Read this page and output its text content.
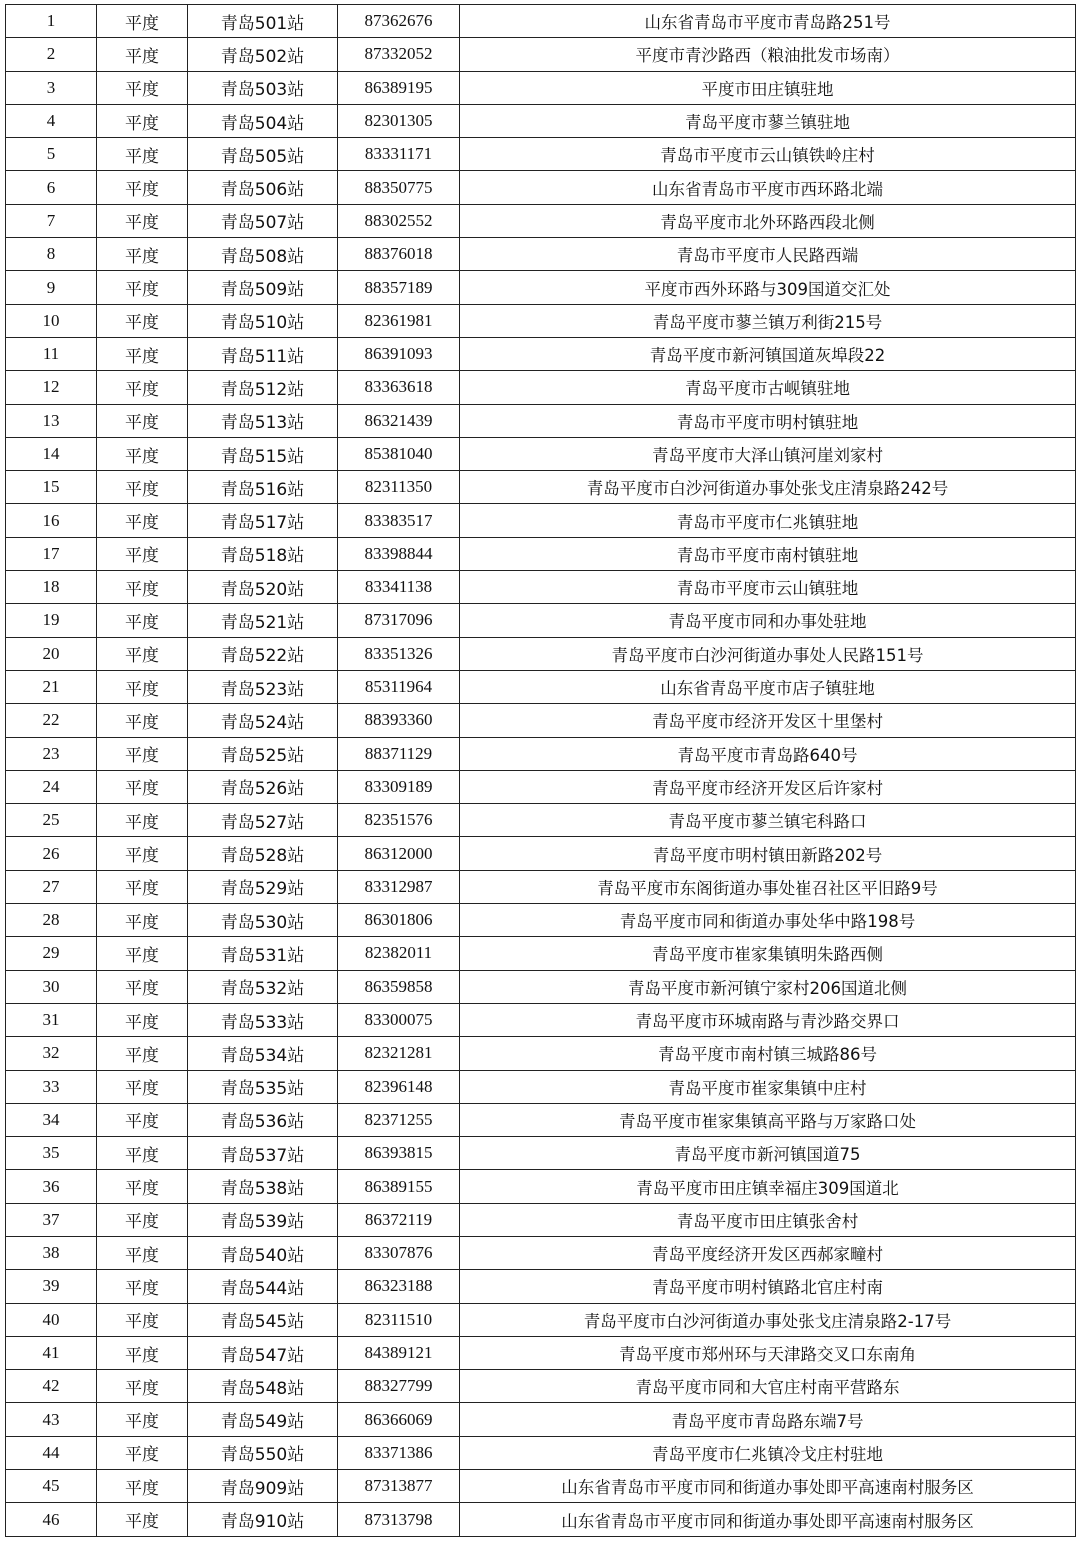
1	平度	青岛501站	87362676	山东省青岛市平度市青岛路251号
2	平度	青岛502站	87332052	平度市青沙路西（粮油批发市场南）
3	平度	青岛503站	86389195	平度市田庄镇驻地
4	平度	青岛504站	82301305	青岛平度市蓼兰镇驻地
5	平度	青岛505站	83331171	青岛市平度市云山镇铁岭庄村
6	平度	青岛506站	88350775	山东省青岛市平度市西环路北端
7	平度	青岛507站	88302552	青岛平度市北外环路西段北侧
8	平度	青岛508站	88376018	青岛市平度市人民路西端
9	平度	青岛509站	88357189	平度市西外环路与309国道交汇处
10	平度	青岛510站	82361981	青岛平度市蓼兰镇万利街215号
11	平度	青岛511站	86391093	青岛平度市新河镇国道灰埠段22
12	平度	青岛512站	83363618	青岛平度市古岘镇驻地
13	平度	青岛513站	86321439	青岛市平度市明村镇驻地
14	平度	青岛515站	85381040	青岛平度市大泽山镇河崖刘家村
15	平度	青岛516站	82311350	青岛平度市白沙河街道办事处张戈庄清泉路242号
16	平度	青岛517站	83383517	青岛市平度市仁兆镇驻地
17	平度	青岛518站	83398844	青岛市平度市南村镇驻地
18	平度	青岛520站	83341138	青岛市平度市云山镇驻地
19	平度	青岛521站	87317096	青岛平度市同和办事处驻地
20	平度	青岛522站	83351326	青岛平度市白沙河街道办事处人民路151号
21	平度	青岛523站	85311964	山东省青岛平度市店子镇驻地
22	平度	青岛524站	88393360	青岛平度市经济开发区十里堡村
23	平度	青岛525站	88371129	青岛平度市青岛路640号
24	平度	青岛526站	83309189	青岛平度市经济开发区后许家村
25	平度	青岛527站	82351576	青岛平度市蓼兰镇宅科路口
26	平度	青岛528站	86312000	青岛平度市明村镇田新路202号
27	平度	青岛529站	83312987	青岛平度市东阁街道办事处崔召社区平旧路9号
28	平度	青岛530站	86301806	青岛平度市同和街道办事处华中路198号
29	平度	青岛531站	82382011	青岛平度市崔家集镇明朱路西侧
30	平度	青岛532站	86359858	青岛平度市新河镇宁家村206国道北侧
31	平度	青岛533站	83300075	青岛平度市环城南路与青沙路交界口
32	平度	青岛534站	82321281	青岛平度市南村镇三城路86号
33	平度	青岛535站	82396148	青岛平度市崔家集镇中庄村
34	平度	青岛536站	82371255	青岛平度市崔家集镇高平路与万家路口处
35	平度	青岛537站	86393815	青岛平度市新河镇国道75
36	平度	青岛538站	86389155	青岛平度市田庄镇幸福庄309国道北
37	平度	青岛539站	86372119	青岛平度市田庄镇张舍村
38	平度	青岛540站	83307876	青岛平度经济开发区西郝家疃村
39	平度	青岛544站	86323188	青岛平度市明村镇路北官庄村南
40	平度	青岛545站	82311510	青岛平度市白沙河街道办事处张戈庄清泉路2-17号
41	平度	青岛547站	84389121	青岛平度市郑州环与天津路交叉口东南角
42	平度	青岛548站	88327799	青岛平度市同和大官庄村南平营路东
43	平度	青岛549站	86366069	青岛平度市青岛路东端7号
44	平度	青岛550站	83371386	青岛平度市仁兆镇冷戈庄村驻地
45	平度	青岛909站	87313877	山东省青岛市平度市同和街道办事处即平高速南村服务区
46	平度	青岛910站	87313798	山东省青岛市平度市同和街道办事处即平高速南村服务区
